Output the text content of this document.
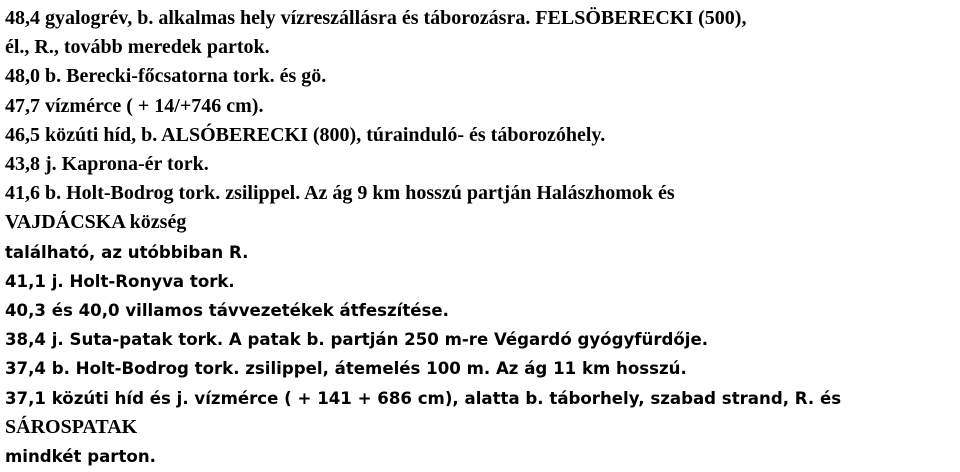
48,4 gyalogrév, b. alkalmas hely vízreszállásra és táborozásra. FELSÖBERECKI (500),
él., R., tovább meredek partok.
48,0 b. Berecki-főcsatorna tork. és gö.
47,7 vízmérce ( + 14/+746 cm).
46,5 közúti híd, b. ALSÓBERECKI (800), túrainduló- és táborozóhely.
43,8 j. Kaprona-ér tork.
41,6 b. Holt-Bodrog tork. zsilippel. Az ág 9 km hosszú partján Halászhomok és
VAJDÁCSKA község
található, az utóbbiban R.
41,1 j. Holt-Ronyva tork.
40,3 és 40,0 villamos távvezetékek átfeszítése.
38,4 j. Suta-patak tork. A patak b. partján 250 m-re Végardó gyógyfürdője.
37,4 b. Holt-Bodrog tork. zsilippel, átemelés 100 m. Az ág 11 km hosszú.
37,1 közúti híd és j. vízmérce ( + 141 + 686 cm), alatta b. táborhely, szabad strand, R. és
SÁROSPATAK
mindkét parton.
